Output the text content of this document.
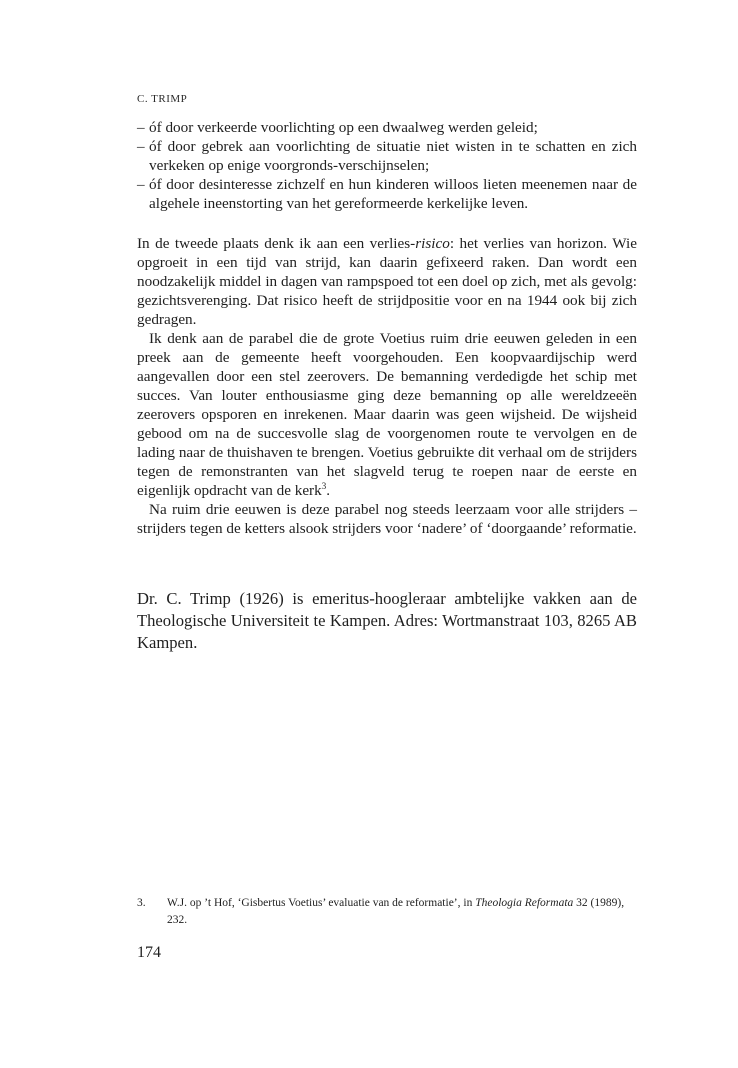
C. TRIMP
– óf door verkeerde voorlichting op een dwaalweg werden geleid;
– óf door gebrek aan voorlichting de situatie niet wisten in te schatten en zich verkeken op enige voorgronds-verschijnselen;
– óf door desinteresse zichzelf en hun kinderen willoos lieten meenemen naar de algehele ineenstorting van het gereformeerde kerkelijke leven.

In de tweede plaats denk ik aan een verlies-risico: het verlies van horizon. Wie opgroeit in een tijd van strijd, kan daarin gefixeerd raken. Dan wordt een noodzakelijk middel in dagen van rampspoed tot een doel op zich, met als gevolg: gezichtsverenging. Dat risico heeft de strijdpositie voor en na 1944 ook bij zich gedragen.

Ik denk aan de parabel die de grote Voetius ruim drie eeuwen geleden in een preek aan de gemeente heeft voorgehouden. Een koopvaardijschip werd aangevallen door een stel zeerovers. De bemanning verdedigde het schip met succes. Van louter enthousiasme ging deze bemanning op alle wereldzeeën zeerovers opsporen en inrekenen. Maar daarin was geen wijsheid. De wijsheid gebood om na de succesvolle slag de voorgenomen route te vervolgen en de lading naar de thuishaven te brengen. Voetius gebruikte dit verhaal om de strijders tegen de remonstranten van het slagveld terug te roepen naar de eerste en eigenlijk opdracht van de kerk$^3$.

Na ruim drie eeuwen is deze parabel nog steeds leerzaam voor alle strijders – strijders tegen de ketters alsook strijders voor ‘nadere’ of ‘doorgaande’ reformatie.

Dr. C. Trimp (1926) is emeritus-hoogleraar ambtelijke vakken aan de Theologische Universiteit te Kampen. Adres: Wortmanstraat 103, 8265 AB Kampen.

3.	W.J. op ’t Hof, ‘Gisbertus Voetius’ evaluatie van de reformatie’, in Theologia Reformata 32 (1989), 232.
174
